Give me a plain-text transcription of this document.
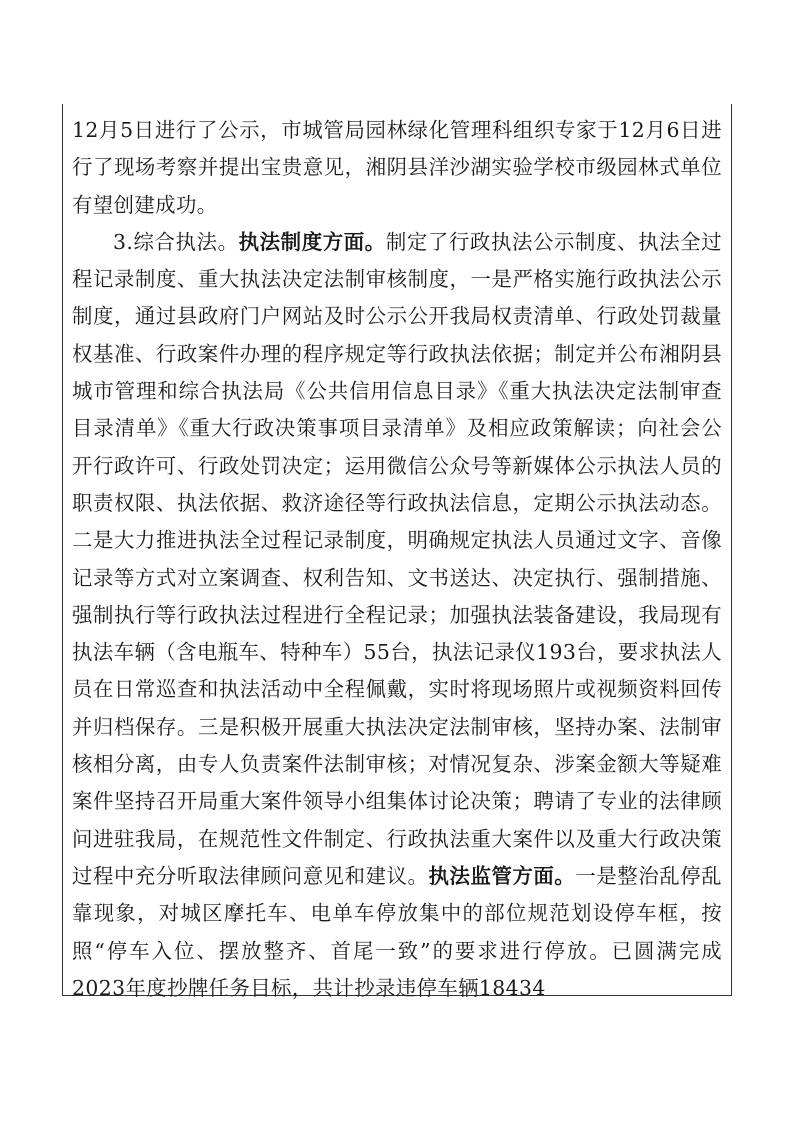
12月5日进行了公示，市城管局园林绿化管理科组织专家于12月6日进行了现场考察并提出宝贵意见，湘阴县洋沙湖实验学校市级园林式单位有望创建成功。

3.综合执法。执法制度方面。制定了行政执法公示制度、执法全过程记录制度、重大执法决定法制审核制度，一是严格实施行政执法公示制度，通过县政府门户网站及时公示公开我局权责清单、行政处罚裁量权基准、行政案件办理的程序规定等行政执法依据；制定并公布湘阴县城市管理和综合执法局《公共信用信息目录》《重大执法决定法制审查目录清单》《重大行政决策事项目录清单》及相应政策解读；向社会公开行政许可、行政处罚决定；运用微信公众号等新媒体公示执法人员的职责权限、执法依据、救济途径等行政执法信息，定期公示执法动态。二是大力推进执法全过程记录制度，明确规定执法人员通过文字、音像记录等方式对立案调查、权利告知、文书送达、决定执行、强制措施、强制执行等行政执法过程进行全程记录；加强执法装备建设，我局现有执法车辆（含电瓶车、特种车）55台，执法记录仪193台，要求执法人员在日常巡查和执法活动中全程佩戴，实时将现场照片或视频资料回传并归档保存。三是积极开展重大执法决定法制审核，坚持办案、法制审核相分离，由专人负责案件法制审核；对情况复杂、涉案金额大等疑难案件坚持召开局重大案件领导小组集体讨论决策；聘请了专业的法律顾问进驻我局，在规范性文件制定、行政执法重大案件以及重大行政决策过程中充分听取法律顾问意见和建议。执法监管方面。一是整治乱停乱靠现象，对城区摩托车、电单车停放集中的部位规范划设停车框，按照“停车入位、摆放整齐、首尾一致”的要求进行停放。已圆满完成2023年度抄牌任务目标，共计抄录违停车辆18434
